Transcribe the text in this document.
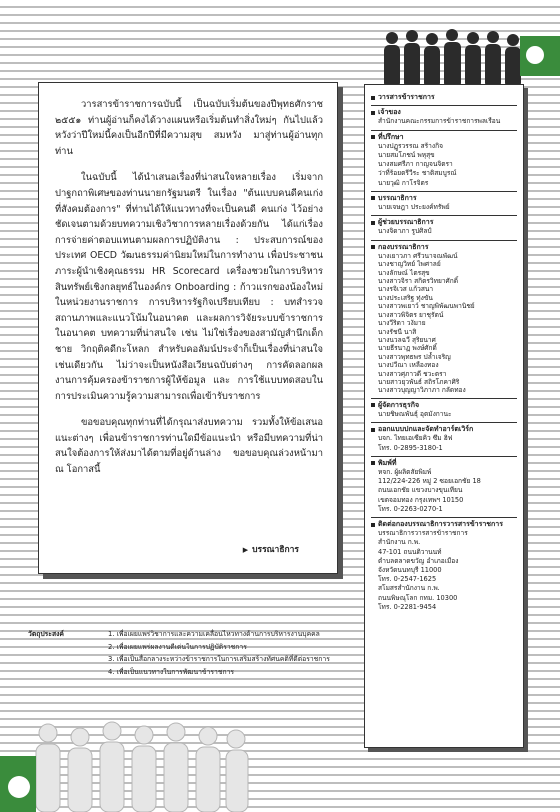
วารสารข้าราชการฉบับนี้ เป็นฉบับเริ่มต้นของปีพุทธศักราช ๒๕๕๑ ท่านผู้อ่านก็คงได้วางแผนหรือเริ่มต้นทำสิ่งใหม่ๆ กันไปแล้ว หวังว่าปีใหม่นี้คงเป็นอีกปีที่มีความสุข สมหวัง มาสู่ท่านผู้อ่านทุกท่าน

ในฉบับนี้ ได้นำเสนอเรื่องที่น่าสนใจหลายเรื่อง เริ่มจากปาฐกถาพิเศษของท่านนายกรัฐมนตรี ในเรื่อง "ต้นแบบคนดีคนเก่ง ที่สังคมต้องการ" ที่ท่านได้ให้แนวทางที่จะเป็นคนดี คนเก่ง ไว้อย่างชัดเจนตามด้วยบทความเชิงวิชาการหลายเรื่องด้วยกัน ได้แก่เรื่อง การจ่ายค่าตอบแทนตามผลการปฏิบัติงาน : ประสบการณ์ของประเทศ OECD วัฒนธรรมค่านิยมใหม่ในการทำงาน เพื่อประชาชน ภาระผู้นำเชิงคุณธรรม HR Scorecard เครื่องชวยในการบริหารสินทรัพย์เชิงกลยุทธ์ในองค์กร Onboarding : ก้าวแรกของน้องใหม่ในหน่วยงานราชการ การบริหารรัฐกิจเปรียบเทียบ : บทสำรวจสถานภาพและแนวโน้มในอนาคต และผลการวิจัยระบบข้าราชการในอนาคต บทความที่น่าสนใจ เช่น ไม่ใช่เรื่องของสามัญสำนึกเด็กชาย วิกฤติคดีกะโหลก สำหรับคอลัมน์ประจำก็เป็นเรื่องที่น่าสนใจเช่นเดียวกัน ไม่ว่าจะเป็นหนังสือเวียนฉบับต่างๆ การคัดลอกผลงานการคุ้มครองข้าราชการผู้ให้ข้อมูล และ การใช้แบบทดสอบในการประเมินความรู้ความสามารถเพื่อเข้ารับราชการ

ขอขอบคุณทุกท่านที่ได้กรุณาส่งบทความ รวมทั้งให้ข้อเสนอแนะต่างๆ เพื่อนข้าราชการท่านใดมีข้อแนะนำ หรือมีบทความที่น่าสนใจต้องการให้ส่งมาได้ตามที่อยู่ด้านล่าง ขอขอบคุณล่วงหน้ามา ณ โอกาสนี้

▶ บรรณาธิการ
วารสารข้าราชการ
เจ้าของ
สำนักงานคณะกรรมการข้าราชการพลเรือน
ที่ปรึกษา
นางปฏูรวรรณ สร้างกิจ
นายสมโภชน์ พหุสุข
นางสมศรีภา กาญจนจิตรา
ว่าที่ร้อยตรีวีระ ชาติสมบูรณ์
นายวุฒิ กาโรจิตร
บรรณาธิการ
นายเจษฎา ประยงค์ทรัพย์
ผู้ช่วยบรรณาธิการ
นางจิดาภา รูปศิลป์
กองบรรณาธิการ
นางเยาวภา ศรีวนาจณพัฒน์
นางชาญวิทย์ ไพศาลย์
นางลักษณ์ ไตรสุข
นางสาวจิรา สกิตรวิทยาศักดิ์
นางรจิเวส แก้วสนา
นางประเสริฐ ทุ่งขัน
นางสาวพเยาว์ ชาญพิพัฒนพานิชย์
นางสาวพิจิตร ยาชุรัตน์
นางวีริดา วงัมาย
นางรัชนี นาสิ
นางนวลฉวี สุริยนาศ
นายธีรนาฏ พงษ์ศักดิ์
นางสาวพุทธพร ปล้ำเจริญ
นางปวีณา เหลืองทอง
นางสาวศุภาวดี ชวะตรา
นายสาวยุวพันธ์ สถิรโภคาศิริ
นางสาวบุญญาวิภาภา กลัดทอง
ผู้จัดการธุรกิจ
นายชิษณพันธุ์ อุตมังกานะ
ออกแบบปกและจัดทำอาร์ตเวิร์ก
บจก. ไทยเอเซียคิว ซึม ฮิฟ
โทร. 0-2895-3180-1
พิมพ์ที่
หจก. ผู้ผลิตสัยพิมพ์
112/224-226 หมู่ 2 ซอยเอกชัย 18
ถนนเอกชัย แขวงบางขุนเทียน
เขตจอมทอง กรุงเทพฯ 10150
โทร. 0-2263-0270-1
ติดต่อกองบรรณาธิการวารสารข้าราชการ
บรรณาธิการวารสารข้าราชการ
สำนักงาน ก.พ.
47-101 ถนนติวานนท์
ตำบลตลาดขวัญ อำเภอเมือง
จังหวัดนนทบุรี 11000
โทร. 0-2547-1625
สโมสรสำนักงาน ก.พ.
ถนนพิษณุโลก กทม. 10300
โทร. 0-2281-9454
วัตถุประสงค์	1. เพื่อเผยแพร่วิชาการและความเคลื่อนไหวทางด้านการบริหารงานบุคคล
2. เพื่อเผยแพร่ผลงานดีเด่นในการปฏิบัติราชการ
3. เพื่อเป็นสื่อกลางระหว่างข้าราชการในการเสริมสร้างทัศนคติที่ดีต่อราชการ
4. เพื่อเป็นแนวทางในการพัฒนาข้าราชการ
